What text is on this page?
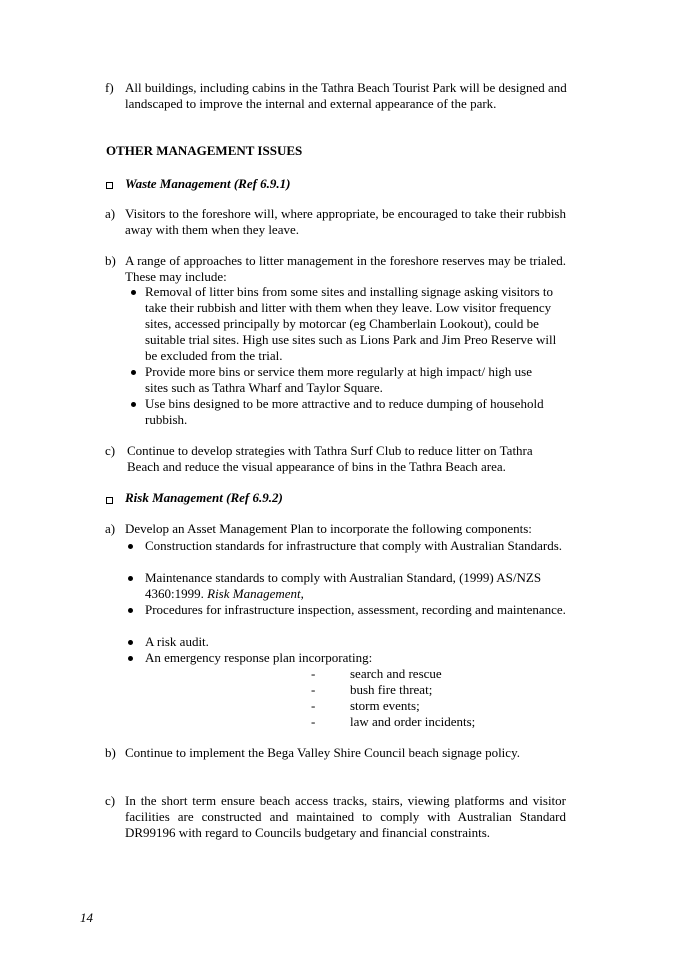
f) All buildings, including cabins in the Tathra Beach Tourist Park will be designed and landscaped to improve the internal and external appearance of the park.
OTHER MANAGEMENT ISSUES
Waste Management (Ref 6.9.1)
a) Visitors to the foreshore will, where appropriate, be encouraged to take their rubbish away with them when they leave.
b) A range of approaches to litter management in the foreshore reserves may be trialed. These may include:
Removal of litter bins from some sites and installing signage asking visitors to take their rubbish and litter with them when they leave. Low visitor frequency sites, accessed principally by motorcar (eg Chamberlain Lookout), could be suitable trial sites. High use sites such as Lions Park and Jim Preo Reserve will be excluded from the trial.
Provide more bins or service them more regularly at high impact/ high use sites such as Tathra Wharf and Taylor Square.
Use bins designed to be more attractive and to reduce dumping of household rubbish.
c) Continue to develop strategies with Tathra Surf Club to reduce litter on Tathra Beach and reduce the visual appearance of bins in the Tathra Beach area.
Risk Management (Ref 6.9.2)
a) Develop an Asset Management Plan to incorporate the following components:
Construction standards for infrastructure that comply with Australian Standards.
Maintenance standards to comply with Australian Standard, (1999) AS/NZS 4360:1999. Risk Management,
Procedures for infrastructure inspection, assessment, recording and maintenance.
A risk audit.
An emergency response plan incorporating:
-	search and rescue
-	bush fire threat;
-	storm events;
-	law and order incidents;
b) Continue to implement the Bega Valley Shire Council beach signage policy.
c) In the short term ensure beach access tracks, stairs, viewing platforms and visitor facilities are constructed and maintained to comply with Australian Standard DR99196 with regard to Councils budgetary and financial constraints.
14
